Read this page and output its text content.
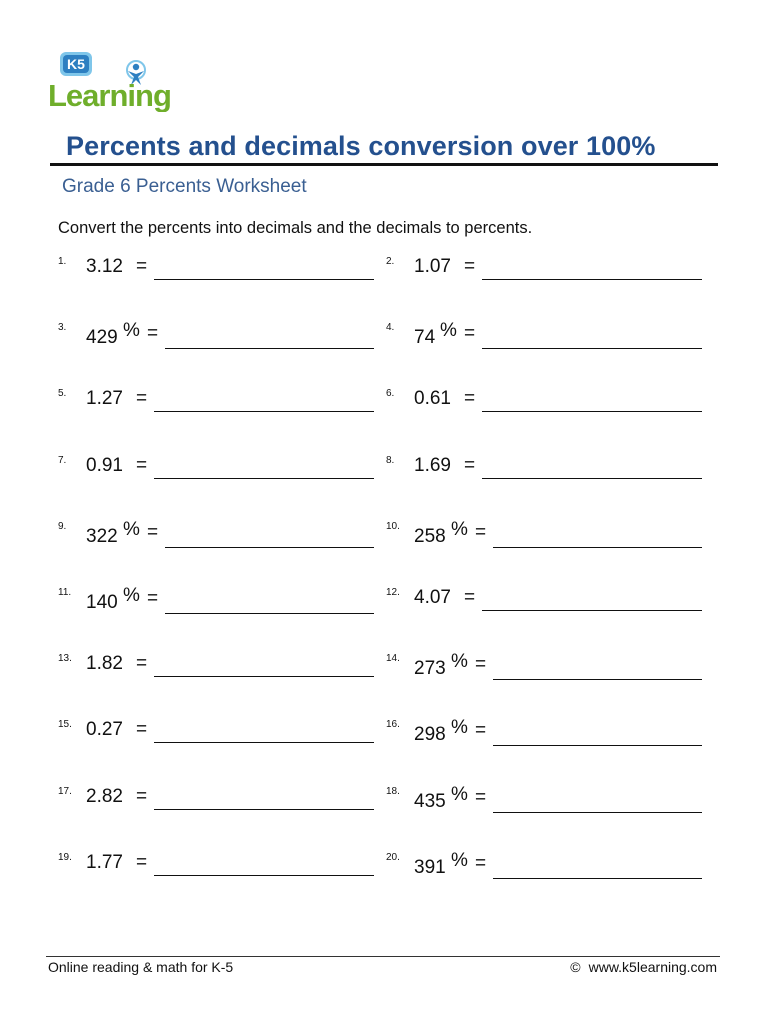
K5
Learning
Percents and decimals conversion over 100%
Grade 6 Percents Worksheet
Convert the percents into decimals and the decimals to percents.
1. 3.12 =	2. 1.07 =
3. 429 % =	4. 74 % =
5. 1.27 =	6. 0.61 =
7. 0.91 =	8. 1.69 =
9. 322 % =	10. 258 % =
11. 140 % =	12. 4.07 =
13. 1.82 =	14. 273 % =
15. 0.27 =	16. 298 % =
17. 2.82 =	18. 435 % =
19. 1.77 =	20. 391 % =
Online reading & math for K-5	© www.k5learning.com
